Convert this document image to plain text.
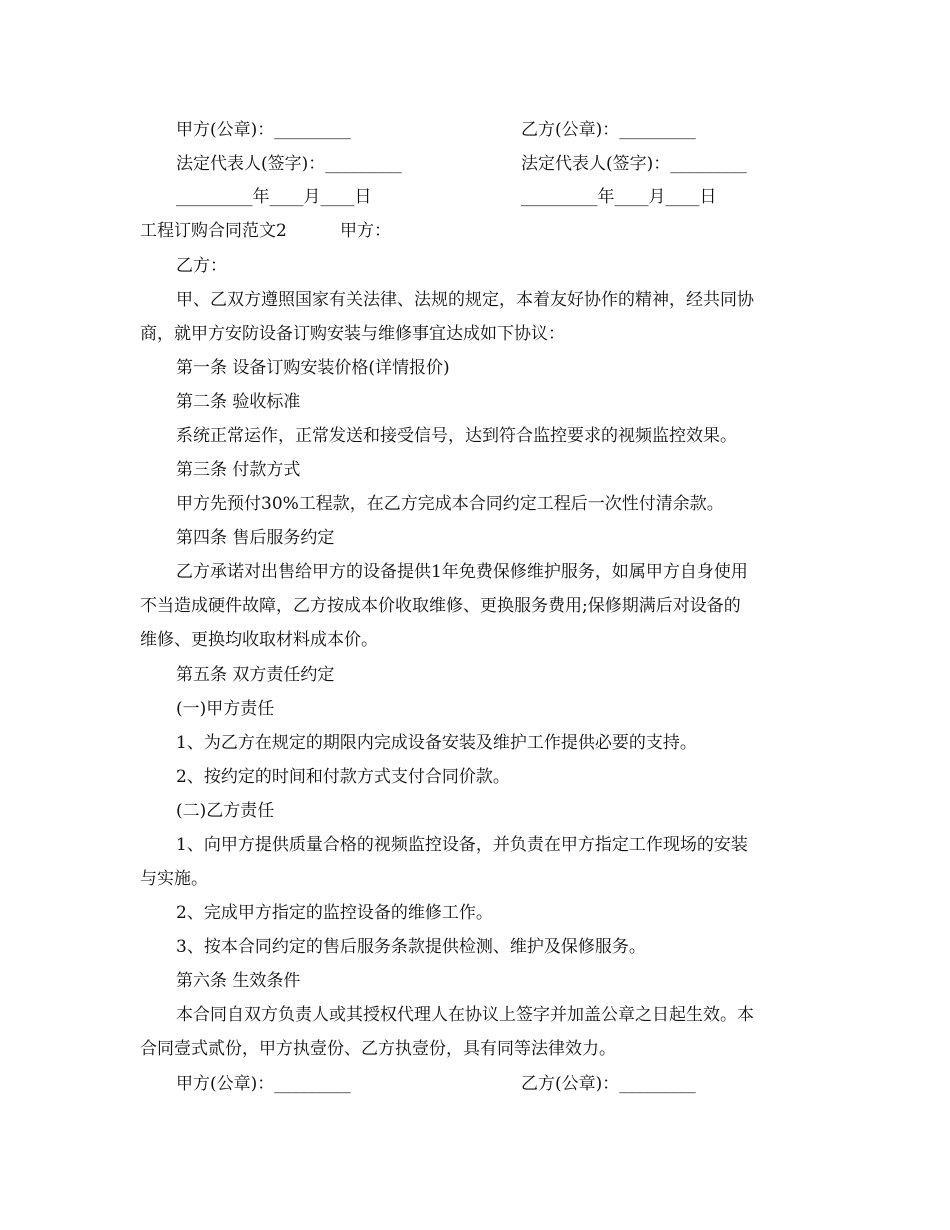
甲方(公章)：_________	乙方(公章)：_________
法定代表人(签字)：_________	法定代表人(签字)：_________
_________年____月____日	_________年____月____日
工程订购合同范文2	甲方：
乙方：
甲、乙双方遵照国家有关法律、法规的规定，本着友好协作的精神，经共同协
商，就甲方安防设备订购安装与维修事宜达成如下协议：
第一条 设备订购安装价格(详情报价)
第二条 验收标准
系统正常运作，正常发送和接受信号，达到符合监控要求的视频监控效果。
第三条 付款方式
甲方先预付30%工程款，在乙方完成本合同约定工程后一次性付清余款。
第四条 售后服务约定
乙方承诺对出售给甲方的设备提供1年免费保修维护服务，如属甲方自身使用
不当造成硬件故障，乙方按成本价收取维修、更换服务费用;保修期满后对设备的
维修、更换均收取材料成本价。
第五条 双方责任约定
(一)甲方责任
1、为乙方在规定的期限内完成设备安装及维护工作提供必要的支持。
2、按约定的时间和付款方式支付合同价款。
(二)乙方责任
1、向甲方提供质量合格的视频监控设备，并负责在甲方指定工作现场的安装
与实施。
2、完成甲方指定的监控设备的维修工作。
3、按本合同约定的售后服务条款提供检测、维护及保修服务。
第六条 生效条件
本合同自双方负责人或其授权代理人在协议上签字并加盖公章之日起生效。本
合同壹式贰份，甲方执壹份、乙方执壹份，具有同等法律效力。
甲方(公章)：_________	乙方(公章)：_________
